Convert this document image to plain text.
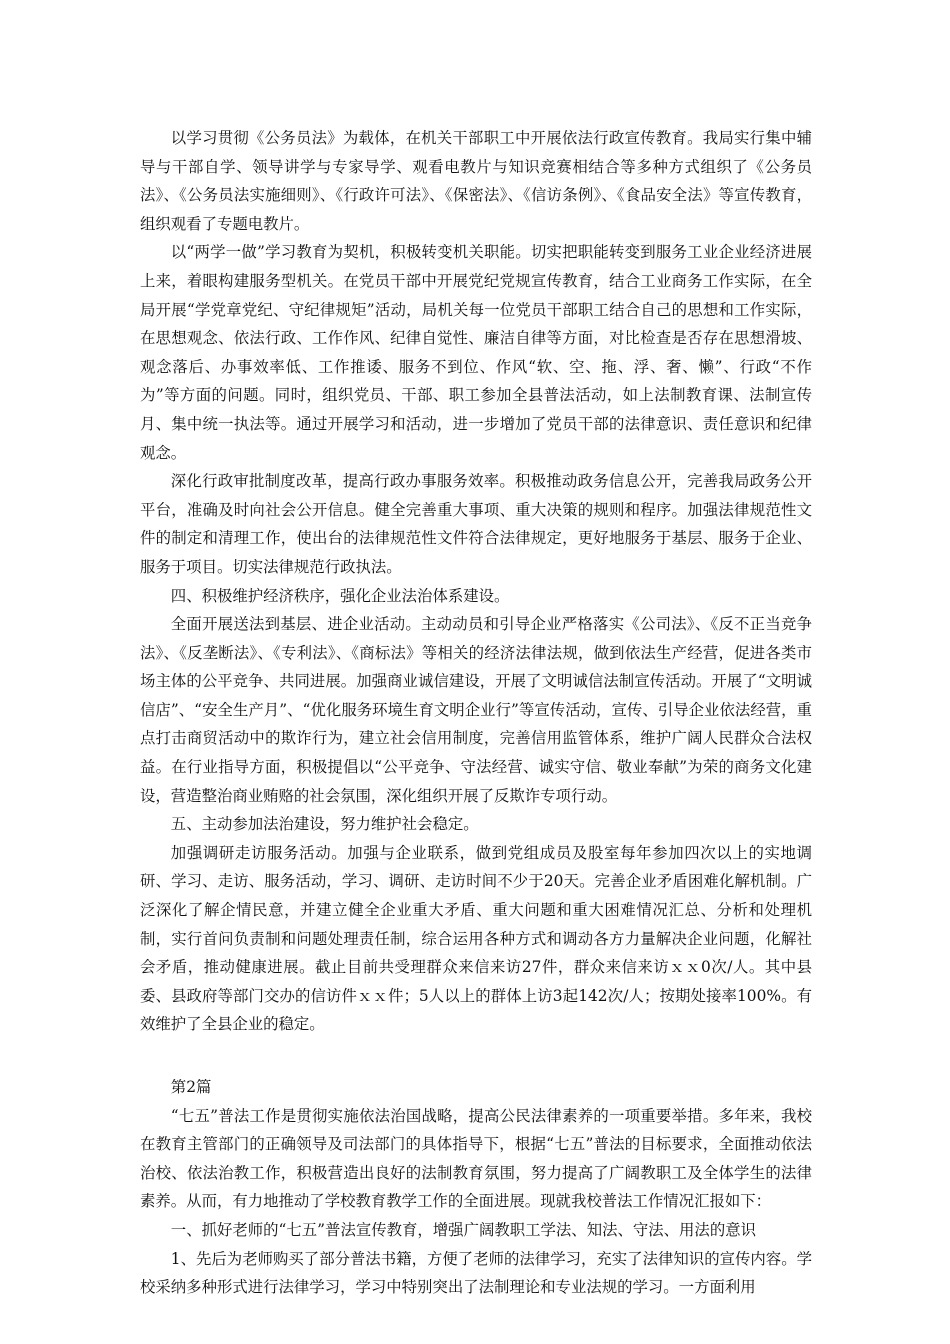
以学习贯彻《公务员法》为载体，在机关干部职工中开展依法行政宣传教育。我局实行集中辅导与干部自学、领导讲学与专家导学、观看电教片与知识竞赛相结合等多种方式组织了《公务员法》、《公务员法实施细则》、《行政许可法》、《保密法》、《信访条例》、《食品安全法》等宣传教育，组织观看了专题电教片。

以“两学一做”学习教育为契机，积极转变机关职能。切实把职能转变到服务工业企业经济进展上来，着眼构建服务型机关。在党员干部中开展党纪党规宣传教育，结合工业商务工作实际，在全局开展“学党章党纪、守纪律规矩”活动，局机关每一位党员干部职工结合自己的思想和工作实际，在思想观念、依法行政、工作作风、纪律自觉性、廉洁自律等方面，对比检查是否存在思想滑坡、观念落后、办事效率低、工作推诿、服务不到位、作风“软、空、拖、浮、奢、懒”、行政“不作为”等方面的问题。同时，组织党员、干部、职工参加全县普法活动，如上法制教育课、法制宣传月、集中统一执法等。通过开展学习和活动，进一步增加了党员干部的法律意识、责任意识和纪律观念。

深化行政审批制度改革，提高行政办事服务效率。积极推动政务信息公开，完善我局政务公开平台，准确及时向社会公开信息。健全完善重大事项、重大决策的规则和程序。加强法律规范性文件的制定和清理工作，使出台的法律规范性文件符合法律规定，更好地服务于基层、服务于企业、服务于项目。切实法律规范行政执法。

四、积极维护经济秩序，强化企业法治体系建设。

全面开展送法到基层、进企业活动。主动动员和引导企业严格落实《公司法》、《反不正当竞争法》、《反垄断法》、《专利法》、《商标法》等相关的经济法律法规，做到依法生产经营，促进各类市场主体的公平竞争、共同进展。加强商业诚信建设，开展了文明诚信法制宣传活动。开展了“文明诚信店”、“安全生产月”、“优化服务环境生育文明企业行”等宣传活动，宣传、引导企业依法经营，重点打击商贸活动中的欺诈行为，建立社会信用制度，完善信用监管体系，维护广阔人民群众合法权益。在行业指导方面，积极提倡以“公平竞争、守法经营、诚实守信、敬业奉献”为荣的商务文化建设，营造整治商业贿赂的社会氛围，深化组织开展了反欺诈专项行动。

五、主动参加法治建设，努力维护社会稳定。

加强调研走访服务活动。加强与企业联系，做到党组成员及股室每年参加四次以上的实地调研、学习、走访、服务活动，学习、调研、走访时间不少于20天。完善企业矛盾困难化解机制。广泛深化了解企情民意，并建立健全企业重大矛盾、重大问题和重大困难情况汇总、分析和处理机制，实行首问负责制和问题处理责任制，综合运用各种方式和调动各方力量解决企业问题，化解社会矛盾，推动健康进展。截止目前共受理群众来信来访27件，群众来信来访ｘｘ0次/人。其中县委、县政府等部门交办的信访件ｘｘ件；5人以上的群体上访3起142次/人；按期处接率100%。有效维护了全县企业的稳定。

第2篇

“七五”普法工作是贯彻实施依法治国战略，提高公民法律素养的一项重要举措。多年来，我校在教育主管部门的正确领导及司法部门的具体指导下，根据“七五”普法的目标要求，全面推动依法治校、依法治教工作，积极营造出良好的法制教育氛围，努力提高了广阔教职工及全体学生的法律素养。从而，有力地推动了学校教育教学工作的全面进展。现就我校普法工作情况汇报如下：

一、抓好老师的“七五”普法宣传教育，增强广阔教职工学法、知法、守法、用法的意识

1、先后为老师购买了部分普法书籍，方便了老师的法律学习，充实了法律知识的宣传内容。学校采纳多种形式进行法律学习，学习中特别突出了法制理论和专业法规的学习。一方面利用
